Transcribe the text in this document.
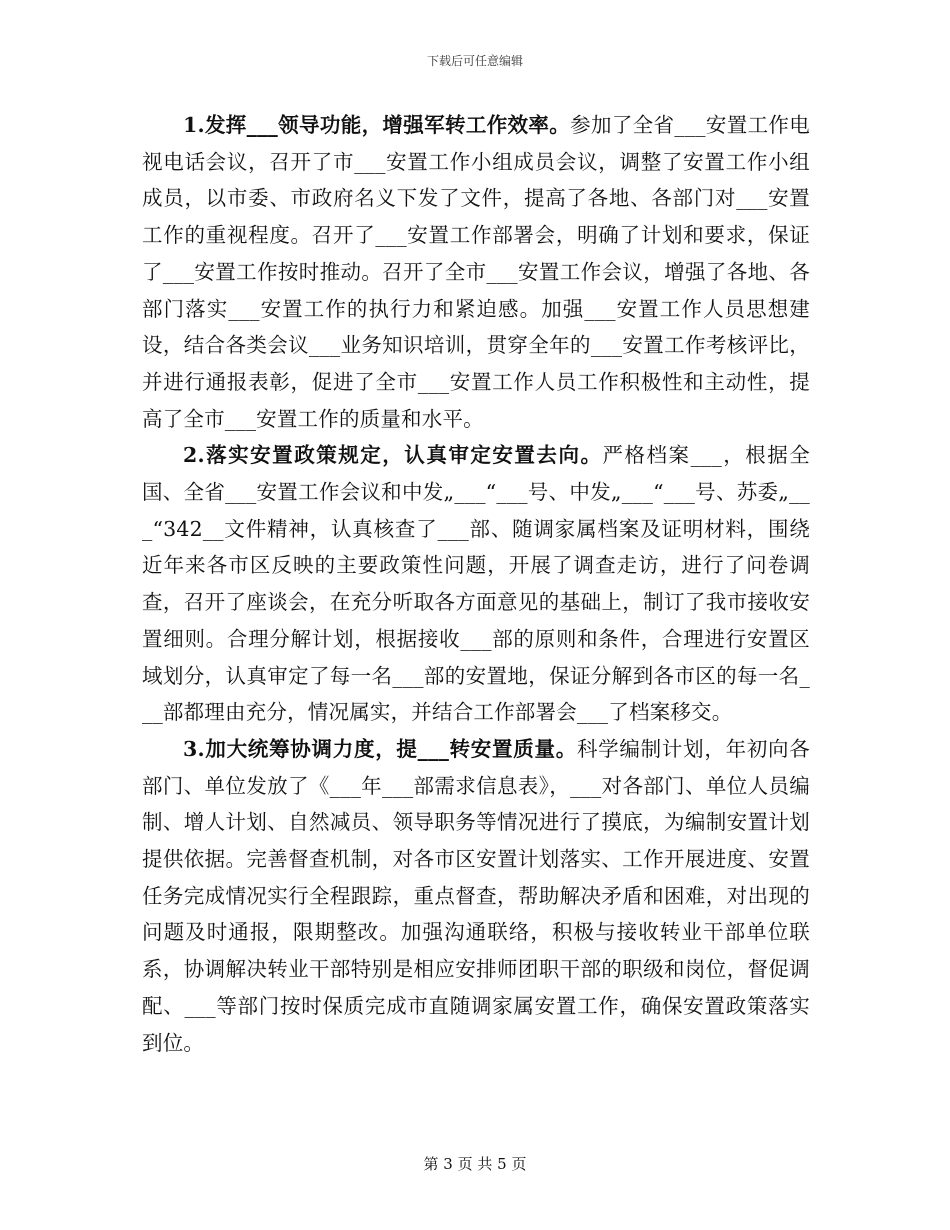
下载后可任意编辑

1.发挥___领导功能，增强军转工作效率。参加了全省___安置工作电视电话会议，召开了市___安置工作小组成员会议，调整了安置工作小组成员，以市委、市政府名义下发了文件，提高了各地、各部门对___安置工作的重视程度。召开了___安置工作部署会，明确了计划和要求，保证了___安置工作按时推动。召开了全市___安置工作会议，增强了各地、各部门落实___安置工作的执行力和紧迫感。加强___安置工作人员思想建设，结合各类会议___业务知识培训，贯穿全年的___安置工作考核评比，并进行通报表彰，促进了全市___安置工作人员工作积极性和主动性，提高了全市___安置工作的质量和水平。

2.落实安置政策规定，认真审定安置去向。严格档案___，根据全国、全省___安置工作会议和中发„___“___号、中发„___“___号、苏委„___“342__文件精神，认真核查了___部、随调家属档案及证明材料，围绕近年来各市区反映的主要政策性问题，开展了调查走访，进行了问卷调查，召开了座谈会，在充分听取各方面意见的基础上，制订了我市接收安置细则。合理分解计划，根据接收___部的原则和条件，合理进行安置区域划分，认真审定了每一名___部的安置地，保证分解到各市区的每一名___部都理由充分，情况属实，并结合工作部署会___了档案移交。

3.加大统筹协调力度，提___转安置质量。科学编制计划，年初向各部门、单位发放了《___年___部需求信息表》，___对各部门、单位人员编制、增人计划、自然减员、领导职务等情况进行了摸底，为编制安置计划提供依据。完善督查机制，对各市区安置计划落实、工作开展进度、安置任务完成情况实行全程跟踪，重点督查，帮助解决矛盾和困难，对出现的问题及时通报，限期整改。加强沟通联络，积极与接收转业干部单位联系，协调解决转业干部特别是相应安排师团职干部的职级和岗位，督促调配、___等部门按时保质完成市直随调家属安置工作，确保安置政策落实到位。

第 3 页 共 5 页
